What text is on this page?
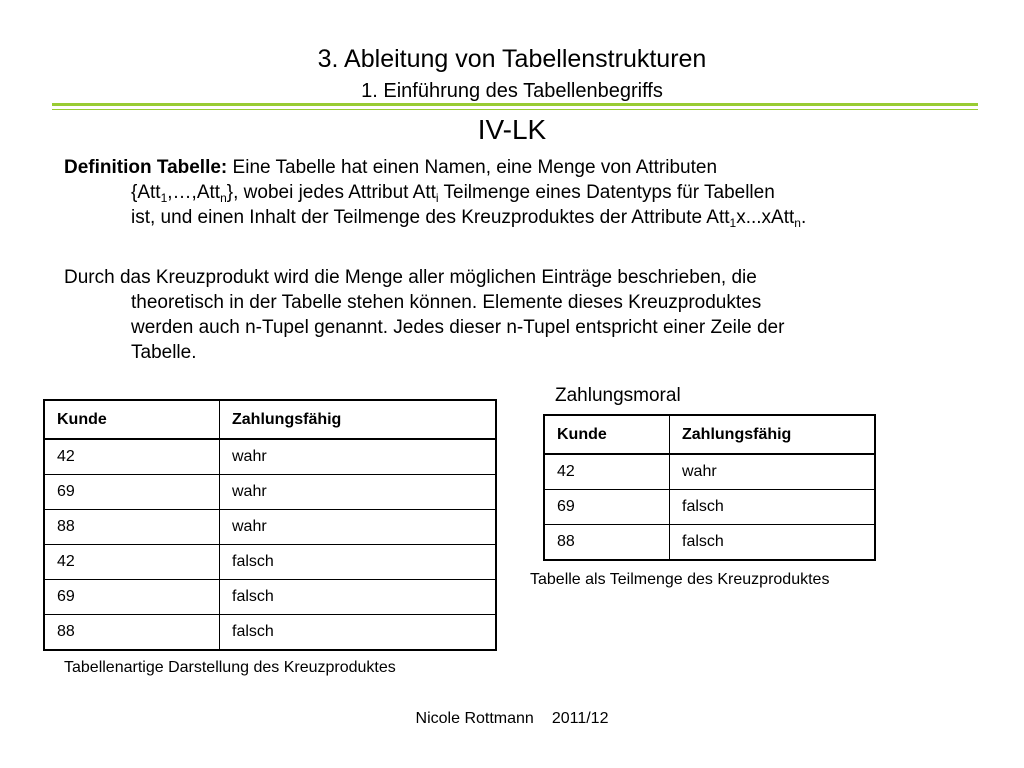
3. Ableitung von Tabellenstrukturen
1. Einführung des Tabellenbegriffs
IV-LK
Definition Tabelle: Eine Tabelle hat einen Namen, eine Menge von Attributen
{Att$_1$,…,Att$_n$}, wobei jedes Attribut Att$_i$ Teilmenge eines Datentyps für Tabellen
ist, und einen Inhalt der Teilmenge des Kreuzproduktes der Attribute Att$_1$x...xAtt$_n$.
Durch das Kreuzprodukt wird die Menge aller möglichen Einträge beschrieben, die
theoretisch in der Tabelle stehen können. Elemente dieses Kreuzproduktes
werden auch n-Tupel genannt. Jedes dieser n-Tupel entspricht einer Zeile der
Tabelle.
Kunde	Zahlungsfähig
42	wahr
69	wahr
88	wahr
42	falsch
69	falsch
88	falsch
Tabellenartige Darstellung des Kreuzproduktes
Zahlungsmoral
Kunde	Zahlungsfähig
42	wahr
69	falsch
88	falsch
Tabelle als Teilmenge des Kreuzproduktes
Nicole Rottmann 2011/12
